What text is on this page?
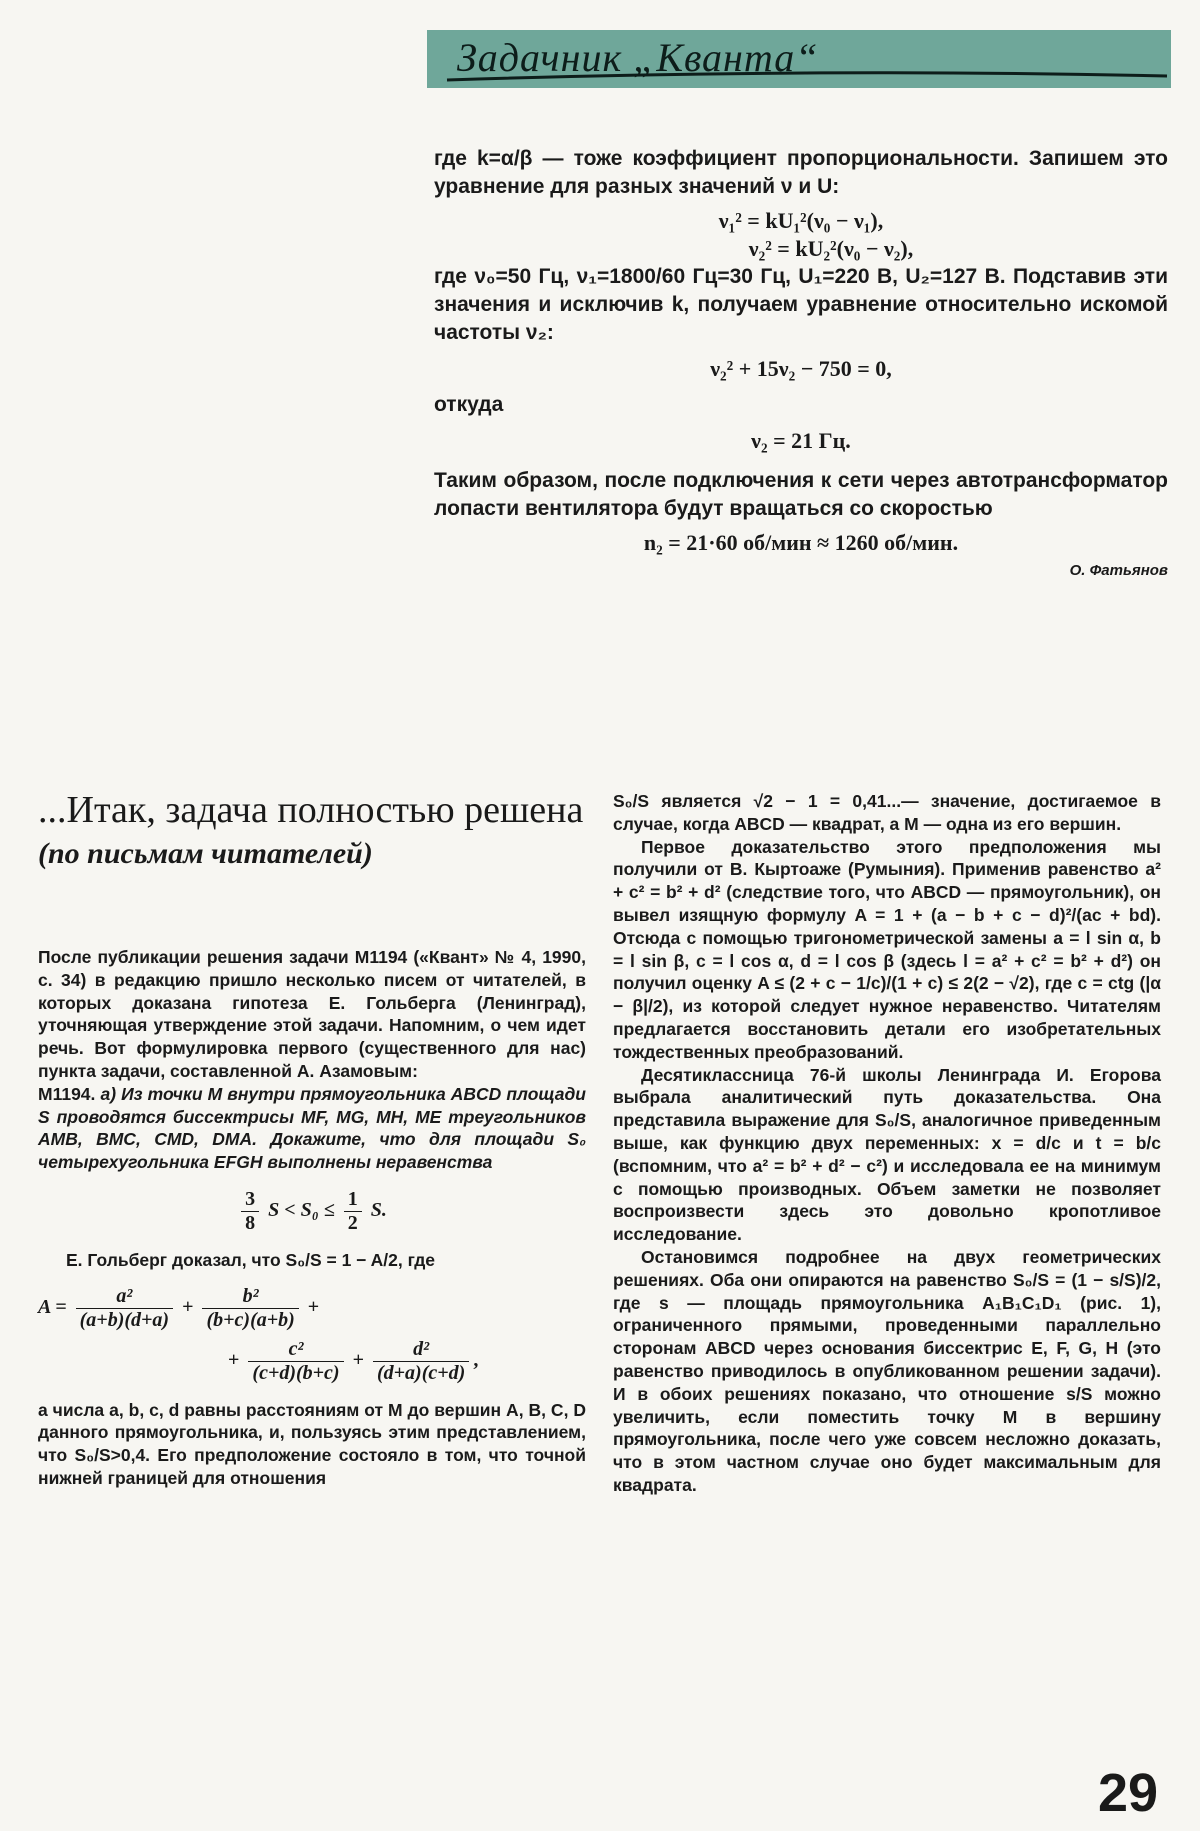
Задачник „Кванта“

где k=α/β — тоже коэффициент пропорциональности. Запишем это уравнение для разных значений ν и U:

ν₁² = kU₁²(ν₀ − ν₁),

ν₂² = kU₂²(ν₀ − ν₂),

где ν₀=50 Гц, ν₁=1800/60 Гц=30 Гц, U₁=220 В, U₂=127 В. Подставив эти значения и исключив k, получаем уравнение относительно искомой частоты ν₂:

ν₂² + 15ν₂ − 750 = 0,

откуда

ν₂ = 21 Гц.

Таким образом, после подключения к сети через автотрансформатор лопасти вентилятора будут вращаться со скоростью

n₂ = 21·60 об/мин ≈ 1260 об/мин.

О. Фатьянов

...Итак, задача полностью решена
(по письмам читателей)

После публикации решения задачи М1194 («Квант» № 4, 1990, с. 34) в редакцию пришло несколько писем от читателей, в которых доказана гипотеза Е. Гольберга (Ленинград), уточняющая утверждение этой задачи. Напомним, о чем идет речь. Вот формулировка первого (существенного для нас) пункта задачи, составленной А. Азамовым:

М1194. а) Из точки М внутри прямоугольника ABCD площади S проводятся биссектрисы MF, MG, MH, ME треугольников AMB, BMC, CMD, DMA. Докажите, что для площади S₀ четырехугольника EFGH выполнены неравенства

$\frac{3}{8}$ $S < S_0 \le \frac{1}{2} S$.

Е. Гольберг доказал, что S₀/S = 1 − A/2, где

$A = \frac{\text{a²}}{(a+b)(d+a)} + \frac{\text{b²}}{(b+c)(a+b)}$ +
+ $\frac{\text{c²}}{(c+d)(b+c)} + \frac{\text{d²}}{(d+a)(c+d)}$ ,

а числа a, b, c, d равны расстояниям от M до вершин A, B, C, D данного прямоугольника, и, пользуясь этим представлением, что S₀/S>0,4. Его предположение состояло в том, что точной нижней границей для отношения

S₀/S является √2 − 1 = 0,41...— значение, достигаемое в случае, когда ABCD — квадрат, а M — одна из его вершин.

Первое доказательство этого предположения мы получили от В. Кыртоаже (Румыния). Применив равенство a² + c² = b² + d² (следствие того, что ABCD — прямоугольник), он вывел изящную формулу A = 1 + (a − b + c − d)²/(ac + bd). Отсюда с помощью тригонометрической замены a = l sin α, b = l sin β, c = l cos α, d = l cos β (здесь l = a² + c² = b² + d²) он получил оценку A ≤ (2 + c − 1/c)/(1 + c) ≤ 2(2 − √2), где c = ctg (|α − β|/2), из которой следует нужное неравенство. Читателям предлагается восстановить детали его изобретательных тождественных преобразований.

Десятиклассница 76-й школы Ленинграда И. Егорова выбрала аналитический путь доказательства. Она представила выражение для S₀/S, аналогичное приведенным выше, как функцию двух переменных: x = d/c и t = b/c (вспомним, что a² = b² + d² − c²) и исследовала ее на минимум с помощью производных. Объем заметки не позволяет воспроизвести здесь это довольно кропотливое исследование.

Остановимся подробнее на двух геометрических решениях. Оба они опираются на равенство S₀/S = (1 − s/S)/2, где s — площадь прямоугольника A₁B₁C₁D₁ (рис. 1), ограниченного прямыми, проведенными параллельно сторонам ABCD через основания биссектрис E, F, G, H (это равенство приводилось в опубликованном решении задачи). И в обоих решениях показано, что отношение s/S можно увеличить, если поместить точку M в вершину прямоугольника, после чего уже совсем несложно доказать, что в этом частном случае оно будет максимальным для квадрата.

29
